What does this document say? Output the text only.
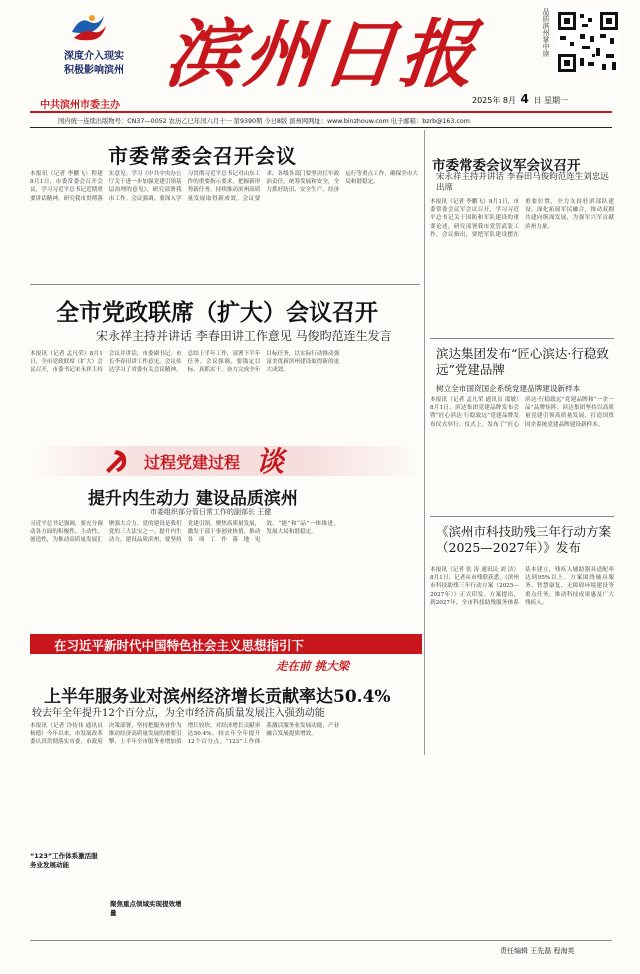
深度介入现实
积极影响滨州
中共滨州市委主办
滨州日报	品质滨州掌中读
2025年 8月 4 日 星期一
国内统一连续出版物号：CN37—0052 农历乙巳年闰六月十一 第9390期 今日8版 滨州网网址：www.binzhouw.com 电子邮箱：bzrb@163.com
市委常委会召开会议
本报讯（记者 李鹏飞）程建 8月1日，市委常委会召开会议，学习习近平总书记近期重要讲话精神，研究我市贯彻落实意见；学习《中共中央办公厅关于进一步加强党建引领基层治理的意见》，研究部署我市工作。会议强调，要深入学习贯彻习近平总书记对山东工作的重要指示要求，把握新形势新任务，持续推动滨州高质量发展取得新成效。会议要求，各级各部门要坚决扛牢政治责任，统筹发展和安全，全力抓好防汛、安全生产、经济运行等重点工作，确保全市大局和谐稳定。
全市党政联席（扩大）会议召开
宋永祥主持并讲话 李春田讲工作意见 马俊昀范连生发言
本报讯（记者 孟凡荣）8月1日，全市党政联席（扩大）会议召开，市委书记宋永祥主持会议并讲话，市委副书记、市长李春田讲工作意见。会议传达学习了省委有关会议精神，总结上半年工作，部署下半年任务。会议强调，要锚定目标、真抓实干，奋力完成全年目标任务，以实际行动推动强富美优新滨州建设取得新的更大成效。
市委常委会议军会议召开
宋永祥主持并讲话 李春田马俊昀范连生刘忠远出席
本报讯（记者 李鹏飞）8月1日，市委常委会议军会议召开，学习习近平总书记关于国防和军队建设的重要论述，研究部署我市党管武装工作。会议指出，要把军队建设摆在重要位置，全力支持驻滨部队建设，深化拓展军民融合，推动双拥共建向纵深发展，为强军兴军贡献滨州力量。
滨达集团发布“匠心滨达·行稳致远”党建品牌
树立全市国资国企系统党建品牌建设新样本
本报讯（记者 孟凡荣 通讯员 邵敏）8月1日，滨达集团党建品牌发布会暨“匠心滨达·行稳致远”党建品牌发布仪式举行。仪式上，发布了“匠心滨达·行稳致远”党建品牌和“一企一品”品牌矩阵。滨达集团坚持以高质量党建引领高质量发展，打造国资国企系统党建品牌建设新样本。
《滨州市科技助残三年行动方案（2025—2027年）》发布
本报讯（记者 张 涛 通讯员 刘 洁）8月1日，记者从市残联获悉，《滨州市科技助残三年行动方案（2025—2027年）》正式印发。方案提出，到2027年，全市科技助残服务体系基本建立，残疾人辅助器具适配率达到95%以上。方案围绕辅具服务、智慧康复、无障碍环境建设等重点任务，推动科技成果惠及广大残疾人。
过程党建过程 谈
提升内生动力 建设品质滨州
市委组织部分管日常工作的副部长 王健
习近平总书记强调，要充分调动各方面的积极性、主动性、创造性，为推动高质量发展汇聚强大合力。党的建设是我们党的三大法宝之一。提升内生动力，建设品质滨州，要坚持党建引领，聚焦高质量发展，激发干部干事创业热情，推动各项工作落地见效。“能”和“品”一体推进，发展大局和谐稳定。
在习近平新时代中国特色社会主义思想指引下
走在前 挑大梁
上半年服务业对滨州经济增长贡献率达50.4%
较去年全年提升12个百分点，为全市经济高质量发展注入强劲动能
本报讯（记者 冷传伟 通讯员 杨德）今年以来，市发展改革委认真贯彻落实市委、市政府决策部署，坚持把服务业作为推动经济高质量发展的重要引擎，上半年全市服务业增加值增长较快，对经济增长贡献率达50.4%，较去年全年提升12个百分点。“123”工作体系激活服务业发展动能，产业融合发展提质增效。
“123”工作体系激活服务业发展动能
聚焦重点领域实现提效增量
责任编辑 王先磊 程海英
